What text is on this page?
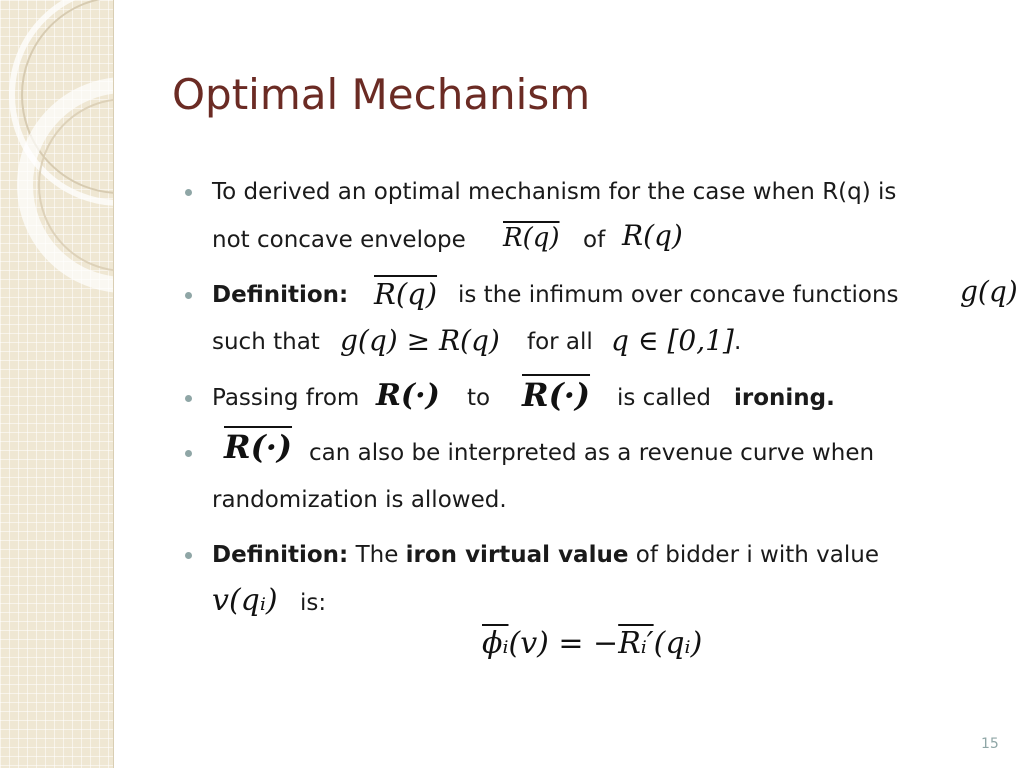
Optimal Mechanism
To derived an optimal mechanism for the case when R(q) is
not concave envelope R(q) of R(q)
Definition: R(q) is the infimum over concave functions g(q)
such that g(q) ≥ R(q) for all q ∈ [0,1] .
Passing from R(·) to R(·) is called ironing.
R(·) can also be interpreted as a revenue curve when
randomization is allowed.
Definition: The iron virtual value of bidder i with value
v(qᵢ) is:
$\overline{\phi ᵢ}(v)$ = −Rᵢ′(qᵢ)
15
